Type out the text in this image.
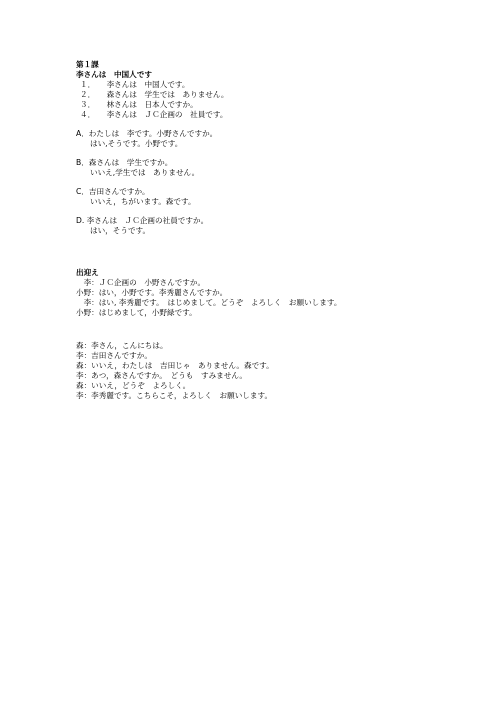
第１課
李さんは　中国人です
１．　　李さんは　中国人です。
２．　　森さんは　学生では　ありません。
３．　　林さんは　日本人ですか。
４．　　李さんは　ＪＣ企画の　社員です。
A．わたしは　李です。小野さんですか。
はい,そうです。小野です。
B．森さんは　学生ですか。
いいえ,学生では　ありません。
C．吉田さんですか。
いいえ，ちがいます。森です。
D. 李さんは　ＪＣ企画の社員ですか。
はい，そうです。
出迎え
　李：ＪＣ企画の　小野さんですか。
小野：はい，小野です。李秀麗さんですか。
　李：はい, 李秀麗です。　はじめまして。どうぞ　よろしく　お願いします。
小野：はじめまして，小野緑です。
森：李さん，こんにちは。
李：吉田さんですか。
森：いいえ，わたしは　吉田じゃ　ありません。森です。
李：あつ，森さんですか。　どうも　すみません。
森：いいえ，どうぞ　よろしく。
李：李秀麗です。こちらこそ，よろしく　お願いします。
